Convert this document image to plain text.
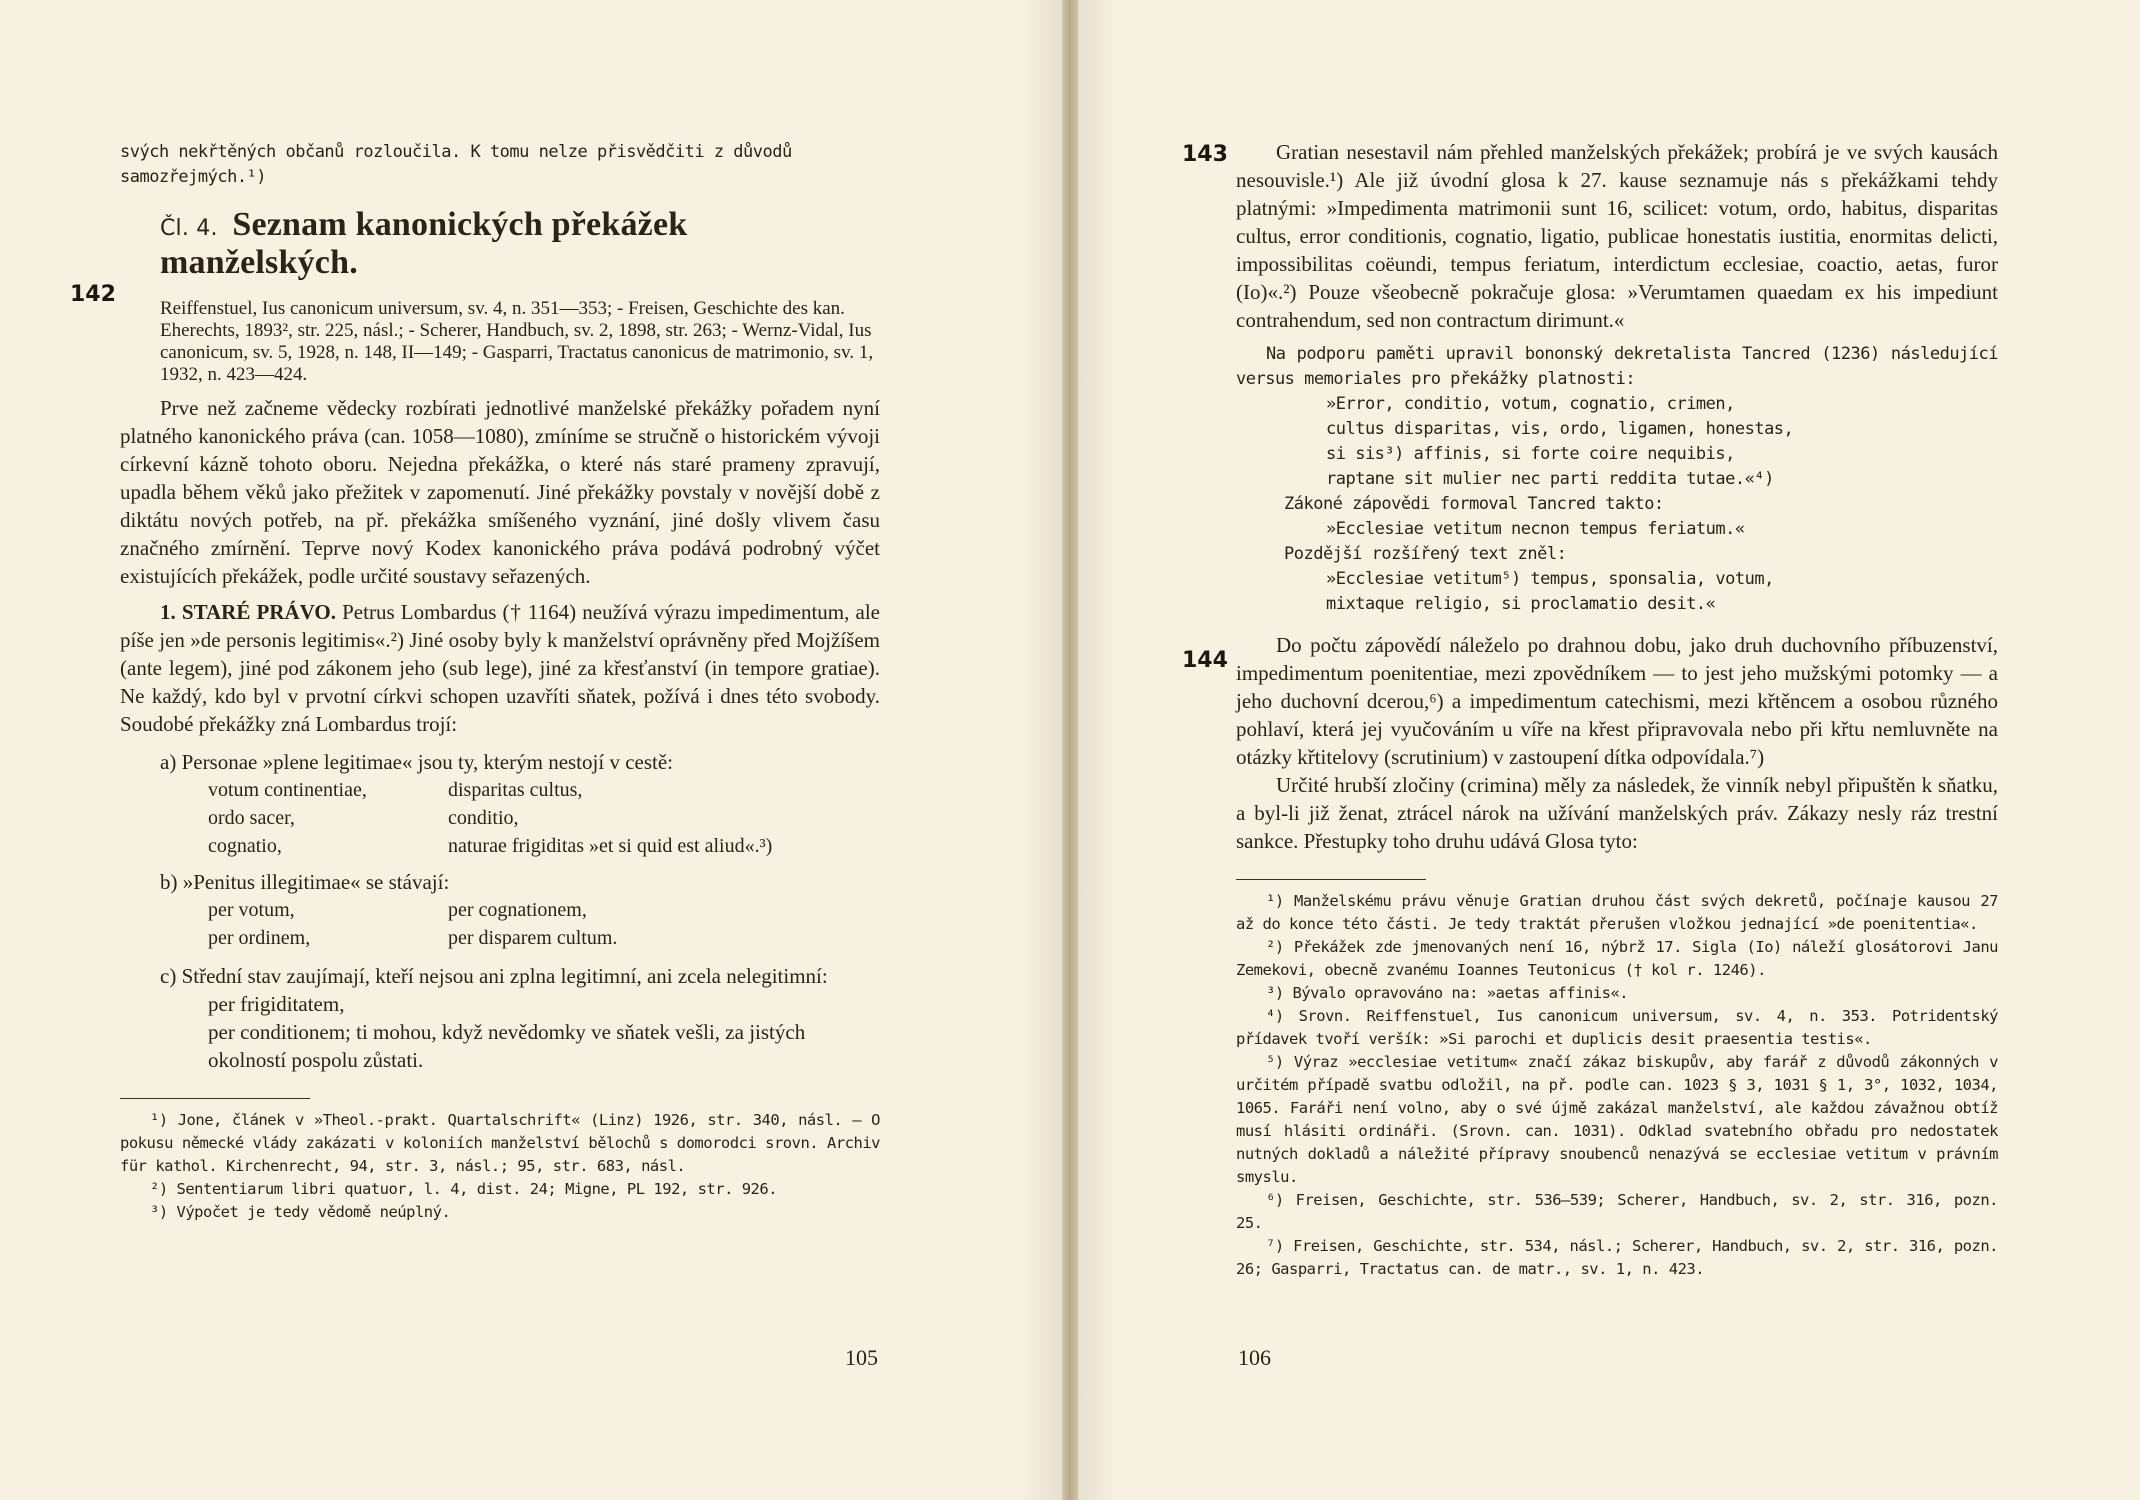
142

svých nekřtěných občanů rozloučila. K tomu nelze přisvědčiti z důvodů samozřejmých.¹)

Čl. 4. Seznam kanonických překážek manželských.

Reiffenstuel, Ius canonicum universum, sv. 4, n. 351—353; - Freisen, Geschichte des kan. Eherechts, 1893², str. 225, násl.; - Scherer, Handbuch, sv. 2, 1898, str. 263; - Wernz-Vidal, Ius canonicum, sv. 5, 1928, n. 148, II—149; - Gasparri, Tractatus canonicus de matrimonio, sv. 1, 1932, n. 423—424.

Prve než začneme vědecky rozbírati jednotlivé manželské překážky pořadem nyní platného kanonického práva (can. 1058—1080), zmíníme se stručně o historickém vývoji církevní kázně tohoto oboru. Nejedna překážka, o které nás staré prameny zpravují, upadla během věků jako přežitek v zapomenutí. Jiné překážky povstaly v novější době z diktátu nových potřeb, na př. překážka smíšeného vyznání, jiné došly vlivem času značného zmírnění. Teprve nový Kodex kanonického práva podává podrobný výčet existujících překážek, podle určité soustavy seřazených.

1. STARÉ PRÁVO. Petrus Lombardus († 1164) neužívá výrazu impedimentum, ale píše jen »de personis legitimis«.²) Jiné osoby byly k manželství oprávněny před Mojžíšem (ante legem), jiné pod zákonem jeho (sub lege), jiné za křesťanství (in tempore gratiae). Ne každý, kdo byl v prvotní církvi schopen uzavříti sňatek, požívá i dnes této svobody. Soudobé překážky zná Lombardus trojí:

a) Personae »plene legitimae« jsou ty, kterým nestojí v cestě:

votum continentiae,	disparitas cultus,
ordo sacer,	conditio,
cognatio,	naturae frigiditas »et si quid est aliud«.³)

b) »Penitus illegitimae« se stávají:

per votum,	per cognationem,
per ordinem,	per disparem cultum.

c) Střední stav zaujímají, kteří nejsou ani zplna legitimní, ani zcela nelegitimní:

per frigiditatem,

per conditionem; ti mohou, když nevědomky ve sňatek vešli, za jistých okolností pospolu zůstati.

¹) Jone, článek v »Theol.-prakt. Quartalschrift« (Linz) 1926, str. 340, násl. — O pokusu německé vlády zakázati v koloniích manželství bělochů s domorodci srovn. Archiv für kathol. Kirchenrecht, 94, str. 3, násl.; 95, str. 683, násl.

²) Sententiarum libri quatuor, l. 4, dist. 24; Migne, PL 192, str. 926.

³) Výpočet je tedy vědomě neúplný.

105
143
144

Gratian nesestavil nám přehled manželských překážek; probírá je ve svých kausách nesouvisle.¹) Ale již úvodní glosa k 27. kause seznamuje nás s překážkami tehdy platnými: »Impedimenta matrimonii sunt 16, scilicet: votum, ordo, habitus, disparitas cultus, error conditionis, cognatio, ligatio, publicae honestatis iustitia, enormitas delicti, impossibilitas coëundi, tempus feriatum, interdictum ecclesiae, coactio, aetas, furor (Io)«.²) Pouze všeobecně pokračuje glosa: »Verumtamen quaedam ex his impediunt contrahendum, sed non contractum dirimunt.«

Na podporu paměti upravil bononský dekretalista Tancred (1236) následující versus memoriales pro překážky platnosti:

»Error, conditio, votum, cognatio, crimen,

cultus disparitas, vis, ordo, ligamen, honestas,

si sis³) affinis, si forte coire nequibis,

raptane sit mulier nec parti reddita tutae.«⁴)

Zákoné zápovědi formoval Tancred takto:

»Ecclesiae vetitum necnon tempus feriatum.«

Pozdější rozšířený text zněl:

»Ecclesiae vetitum⁵) tempus, sponsalia, votum,

mixtaque religio, si proclamatio desit.«

Do počtu zápovědí náleželo po drahnou dobu, jako druh duchovního příbuzenství, impedimentum poenitentiae, mezi zpovědníkem — to jest jeho mužskými potomky — a jeho duchovní dcerou,⁶) a impedimentum catechismi, mezi křtěncem a osobou různého pohlaví, která jej vyučováním u víře na křest připravovala nebo při křtu nemluvněte na otázky křtitelovy (scrutinium) v zastoupení dítka odpovídala.⁷)

Určité hrubší zločiny (crimina) měly za následek, že vinník nebyl připuštěn k sňatku, a byl-li již ženat, ztrácel nárok na užívání manželských práv. Zákazy nesly ráz trestní sankce. Přestupky toho druhu udává Glosa tyto:

¹) Manželskému právu věnuje Gratian druhou část svých dekretů, počínaje kausou 27 až do konce této části. Je tedy traktát přerušen vložkou jednající »de poenitentia«.

²) Překážek zde jmenovaných není 16, nýbrž 17. Sigla (Io) náleží glosátorovi Janu Zemekovi, obecně zvanému Ioannes Teutonicus († kol r. 1246).

³) Bývalo opravováno na: »aetas affinis«.

⁴) Srovn. Reiffenstuel, Ius canonicum universum, sv. 4, n. 353. Potridentský přídavek tvoří veršík: »Si parochi et duplicis desit praesentia testis«.

⁵) Výraz »ecclesiae vetitum« značí zákaz biskupův, aby farář z důvodů zákonných v určitém případě svatbu odložil, na př. podle can. 1023 § 3, 1031 § 1, 3°, 1032, 1034, 1065. Faráři není volno, aby o své újmě zakázal manželství, ale každou závažnou obtíž musí hlásiti ordináři. (Srovn. can. 1031). Odklad svatebního obřadu pro nedostatek nutných dokladů a náležité přípravy snoubenců nenazývá se ecclesiae vetitum v právním smyslu.

⁶) Freisen, Geschichte, str. 536—539; Scherer, Handbuch, sv. 2, str. 316, pozn. 25.

⁷) Freisen, Geschichte, str. 534, násl.; Scherer, Handbuch, sv. 2, str. 316, pozn. 26; Gasparri, Tractatus can. de matr., sv. 1, n. 423.

106
